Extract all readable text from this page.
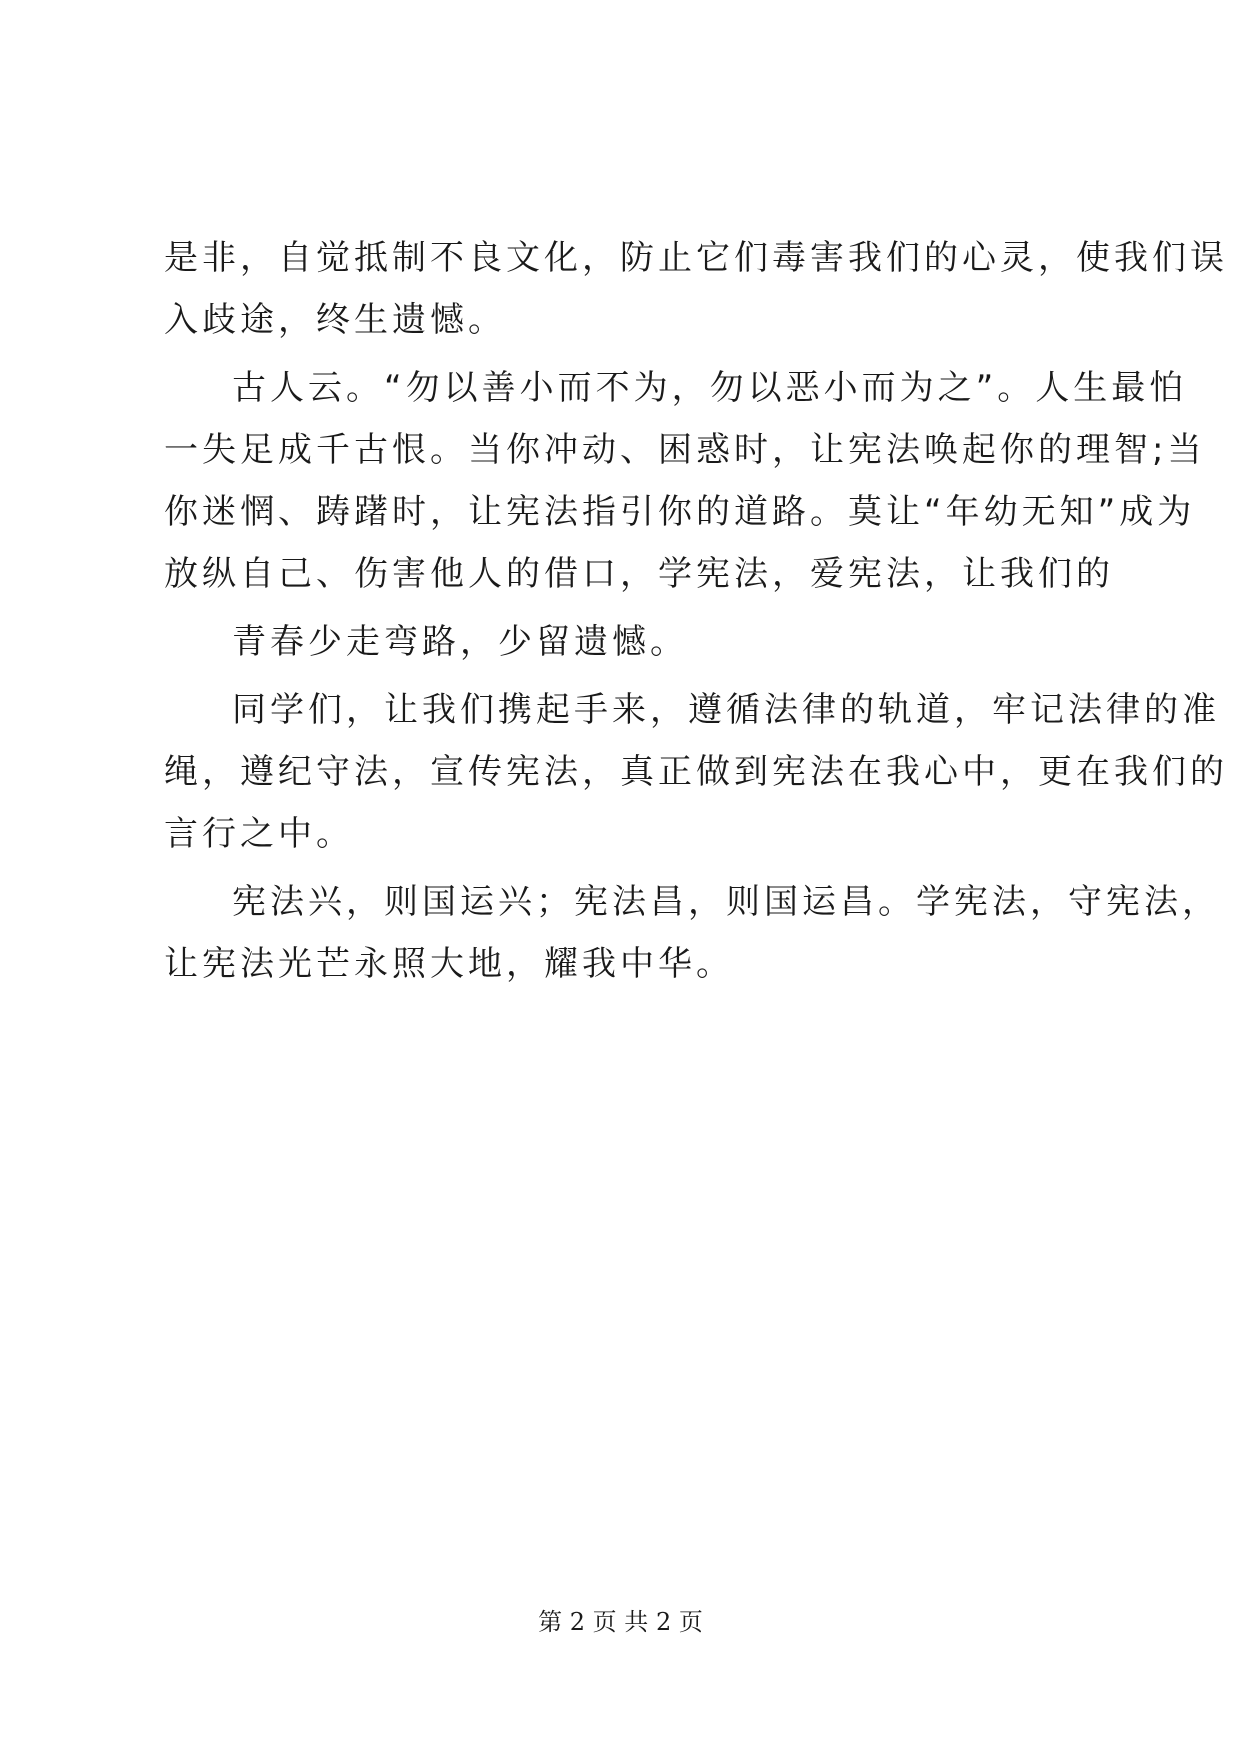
是非，自觉抵制不良文化，防止它们毒害我们的心灵，使我们误
入歧途，终生遗憾。
古人云。“勿以善小而不为，勿以恶小而为之”。人生最怕
一失足成千古恨。当你冲动、困惑时，让宪法唤起你的理智;当
你迷惘、踌躇时，让宪法指引你的道路。莫让“年幼无知”成为
放纵自己、伤害他人的借口，学宪法，爱宪法，让我们的
青春少走弯路，少留遗憾。
同学们，让我们携起手来，遵循法律的轨道，牢记法律的准
绳，遵纪守法，宣传宪法，真正做到宪法在我心中，更在我们的
言行之中。
宪法兴，则国运兴；宪法昌，则国运昌。学宪法，守宪法，
让宪法光芒永照大地，耀我中华。
第 2 页 共 2 页
